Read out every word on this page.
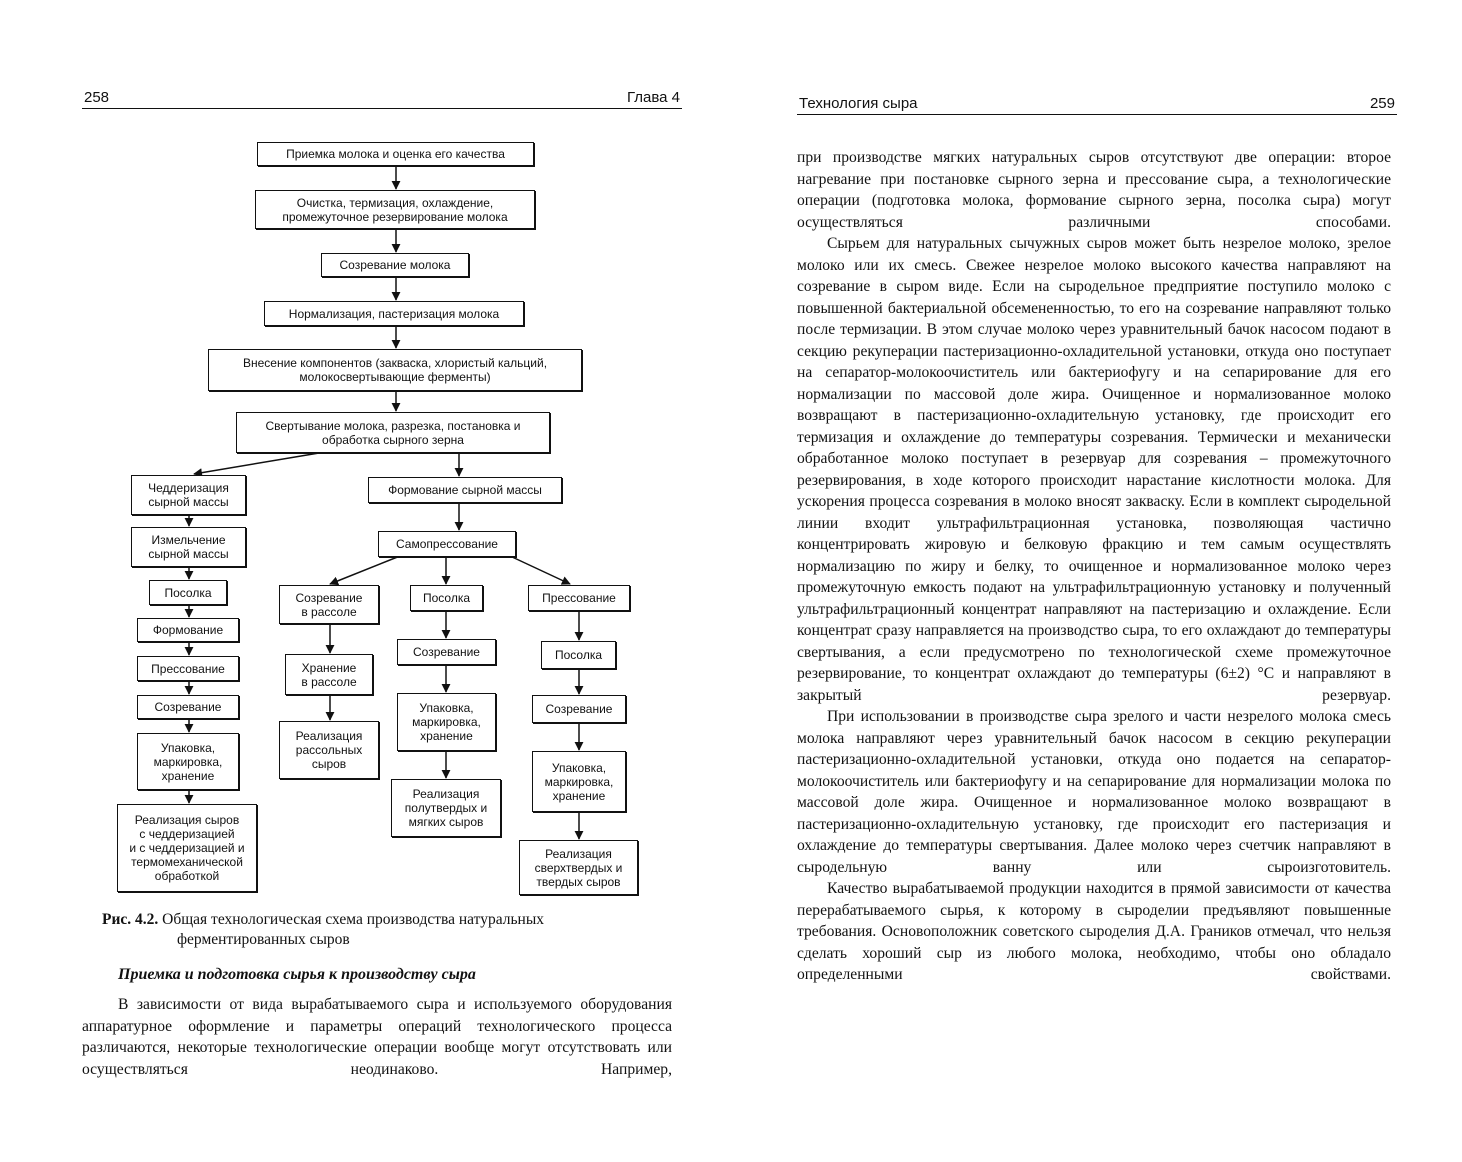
258	Глава 4
Приемка молока и оценка его качества
Очистка, термизация, охлаждение,
промежуточное резервирование молока
Созревание молока
Нормализация, пастеризация молока
Внесение компонентов (закваска, хлористый кальций,
молокосвертывающие ферменты)
Свертывание молока, разрезка, постановка и
обработка сырного зерна
Чеддеризация
сырной массы
Измельчение
сырной массы
Посолка
Формование
Прессование
Созревание
Упаковка,
маркировка,
хранение
Реализация сыров
с чеддеризацией
и с чеддеризацией и
термомеханической
обработкой
Формование сырной массы
Самопрессование
Созревание
в рассоле
Хранение
в рассоле
Реализация
рассольных
сыров
Посолка
Созревание
Упаковка,
маркировка,
хранение
Реализация
полутвердых и
мягких сыров
Прессование
Посолка
Созревание
Упаковка,
маркировка,
хранение
Реализация
сверхтвердых и
твердых сыров
Рис. 4.2. Общая технологическая схема производства натуральных
ферментированных сыров
Приемка и подготовка сырья к производству сыра

В зависимости от вида вырабатываемого сыра и используемого оборудования аппаратурное оформление и параметры операций технологического процесса различаются, некоторые технологические операции вообще могут отсутствовать или осуществляться неодинаково. Например,

Технология сыра	259

при производстве мягких натуральных сыров отсутствуют две операции: второе нагревание при постановке сырного зерна и прессование сыра, а технологические операции (подготовка молока, формование сырного зерна, посолка сыра) могут осуществляться различными способами.

Сырьем для натуральных сычужных сыров может быть незрелое молоко, зрелое молоко или их смесь. Свежее незрелое молоко высокого качества направляют на созревание в сыром виде. Если на сыродельное предприятие поступило молоко с повышенной бактериальной обсемененностью, то его на созревание направляют только после термизации. В этом случае молоко через уравнительный бачок насосом подают в секцию рекуперации пастеризационно-охладительной установки, откуда оно поступает на сепаратор-молокоочиститель или бактериофугу и на сепарирование для его нормализации по массовой доле жира. Очищенное и нормализованное молоко возвращают в пастеризационно-охладительную установку, где происходит его термизация и охлаждение до температуры созревания. Термически и механически обработанное молоко поступает в резервуар для созревания – промежуточного резервирования, в ходе которого происходит нарастание кислотности молока. Для ускорения процесса созревания в молоко вносят закваску. Если в комплект сыродельной линии входит ультрафильтрационная установка, позволяющая частично концентрировать жировую и белковую фракцию и тем самым осуществлять нормализацию по жиру и белку, то очищенное и нормализованное молоко через промежуточную емкость подают на ультрафильтрационную установку и полученный ультрафильтрационный концентрат направляют на пастеризацию и охлаждение. Если концентрат сразу направляется на производство сыра, то его охлаждают до температуры свертывания, а если предусмотрено по технологической схеме промежуточное резервирование, то концентрат охлаждают до температуры (6±2) °С и направляют в закрытый резервуар.

При использовании в производстве сыра зрелого и части незрелого молока смесь молока направляют через уравнительный бачок насосом в секцию рекуперации пастеризационно-охладительной установки, откуда оно подается на сепаратор-молокоочиститель или бактериофугу и на сепарирование для нормализации молока по массовой доле жира. Очищенное и нормализованное молоко возвращают в пастеризационно-охладительную установку, где происходит его пастеризация и охлаждение до температуры свертывания. Далее молоко через счетчик направляют в сыродельную ванну или сыроизготовитель.

Качество вырабатываемой продукции находится в прямой зависимости от качества перерабатываемого сырья, к которому в сыроделии предъявляют повышенные требования. Основоположник советского сыроделия Д.А. Граников отмечал, что нельзя сделать хороший сыр из любого молока, необходимо, чтобы оно обладало определенными свойствами.
